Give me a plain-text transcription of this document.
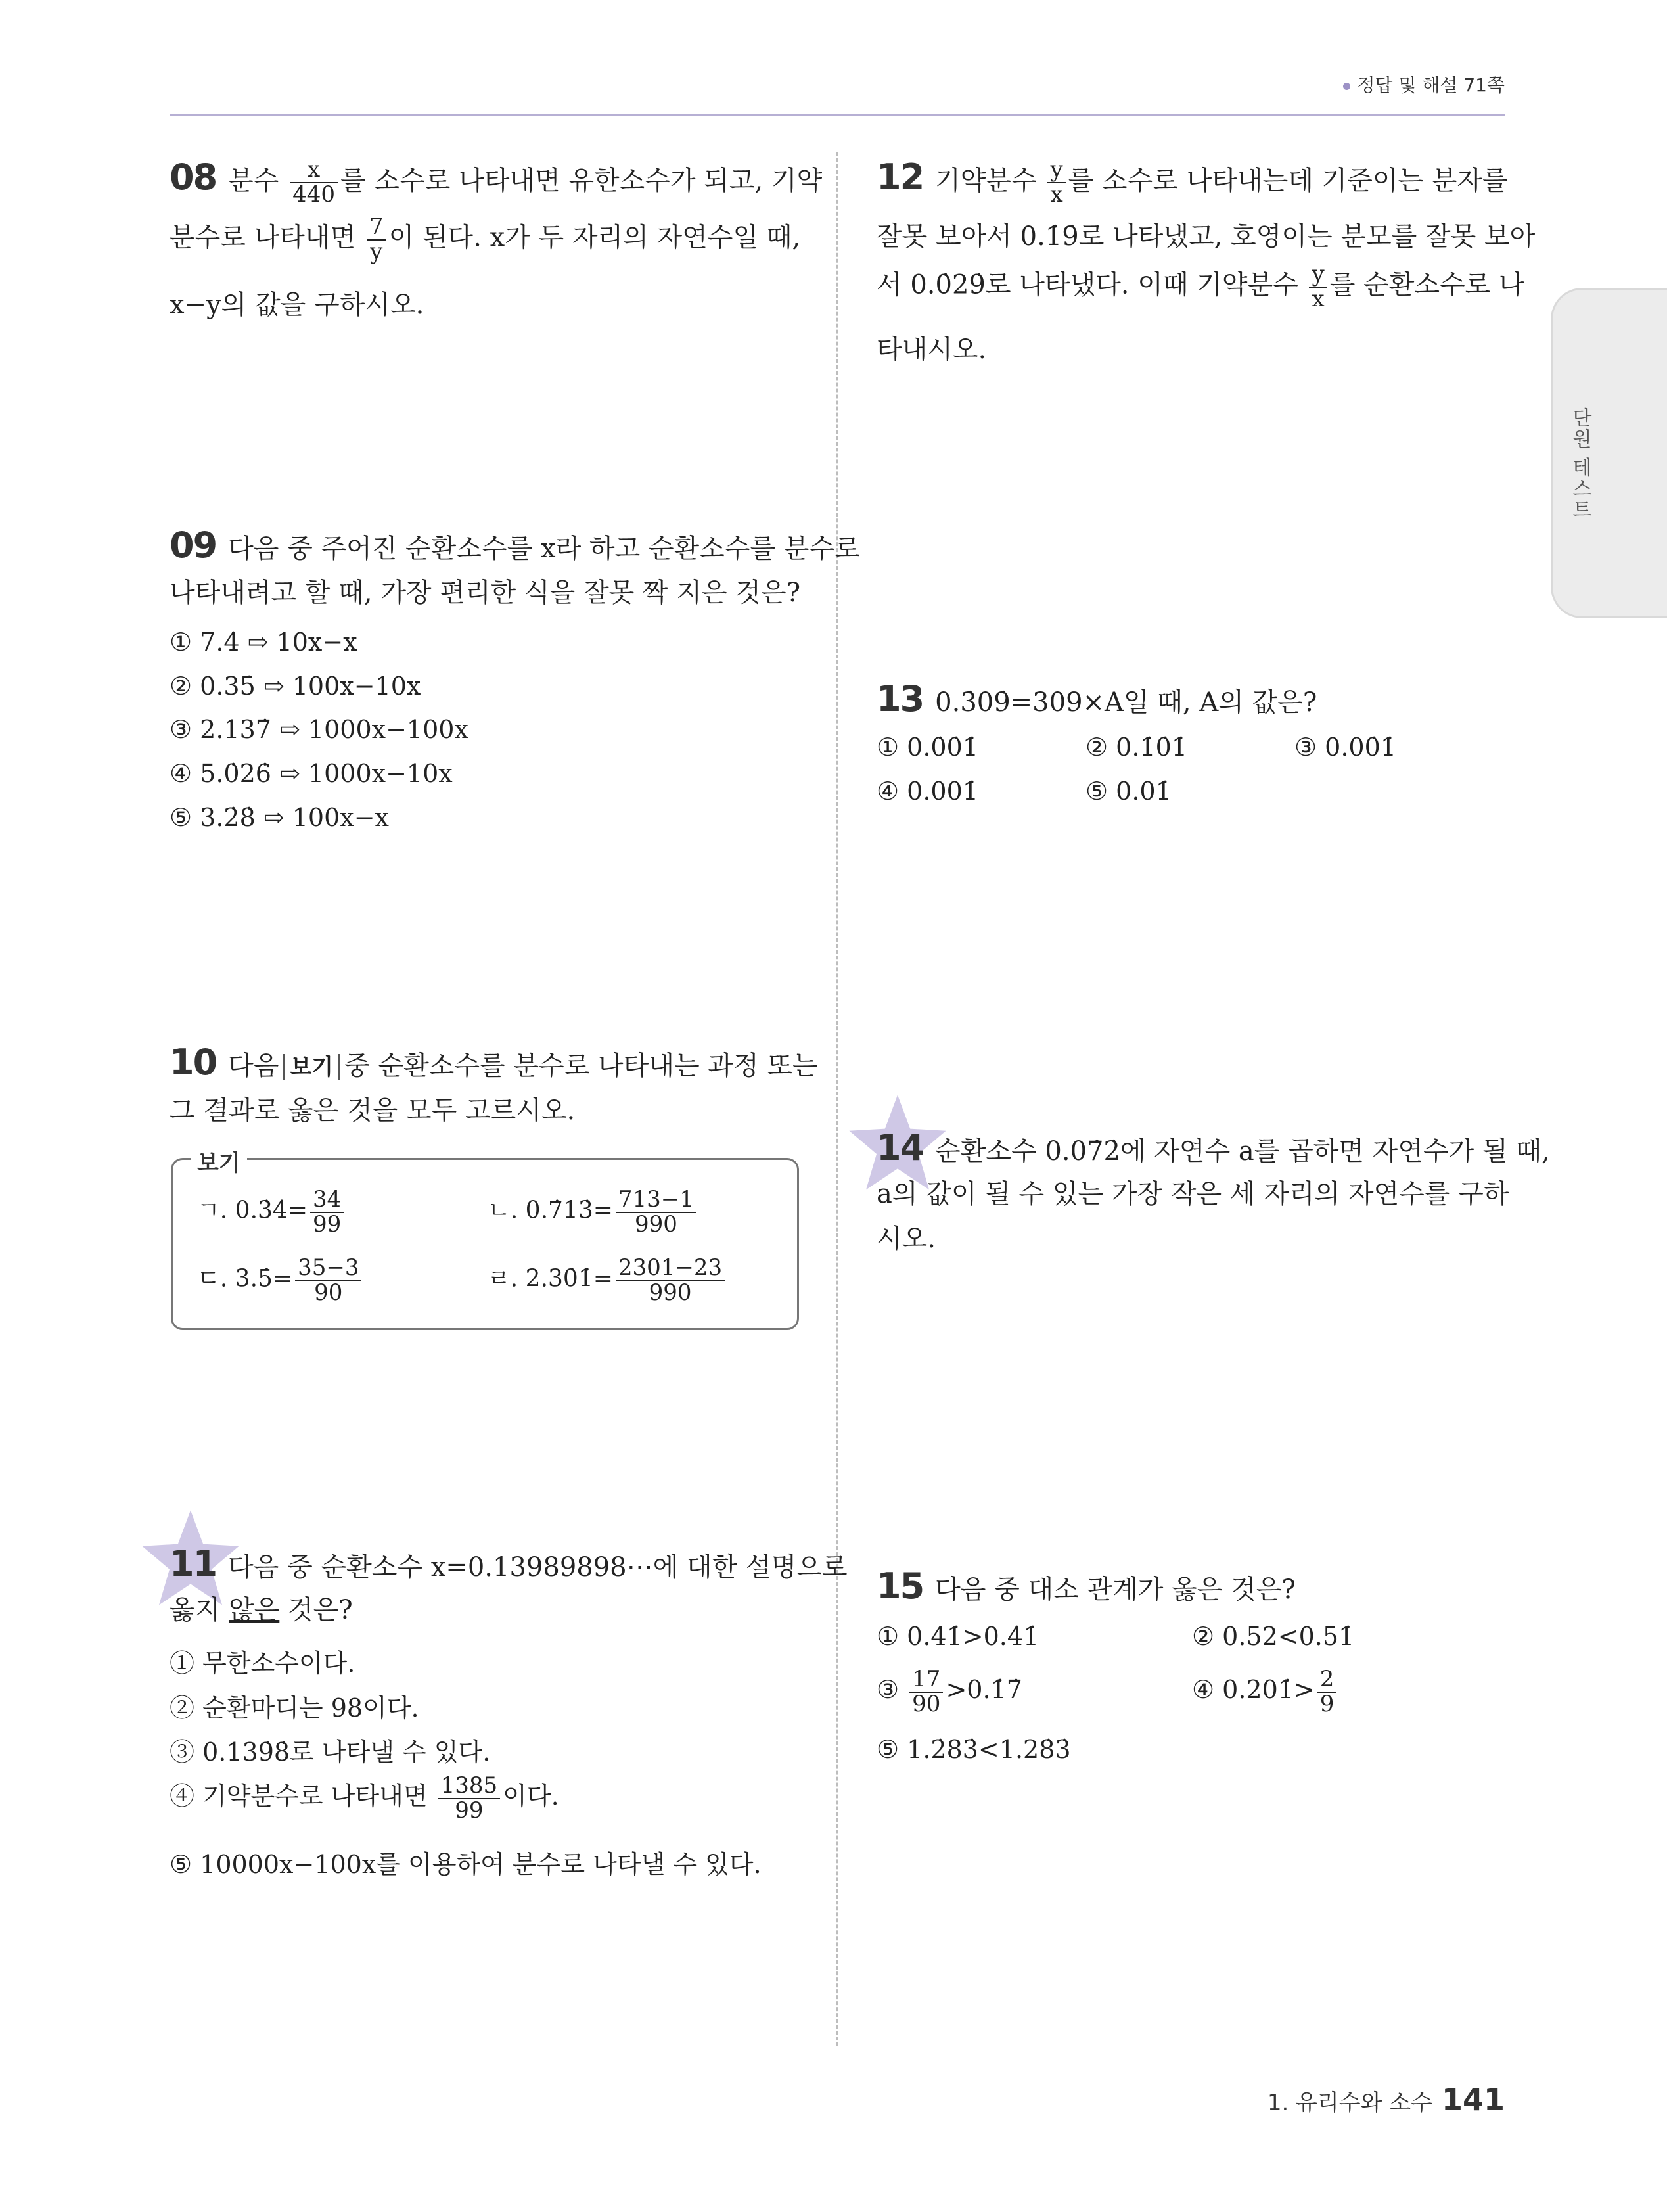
정답 및 해설 71쪽
단원 테스트
08 분수 $\frac{x}{440}$ 를 소수로 나타내면 유한소수가 되고, 기약
분수로 나타내면 $\frac{7}{y}$ 이 된다. x가 두 자리의 자연수일 때,
x−y의 값을 구하시오.
09 다음 중 주어진 순환소수를 x라 하고 순환소수를 분수로
나타내려고 할 때, 가장 편리한 식을 잘못 짝 지은 것은?
① 7.4̇ ⇨ 10x−x
② 0.35̇ ⇨ 100x−10x
③ 2.137̇ ⇨ 1000x−100x
④ 5.0̇26̇ ⇨ 1000x−10x
⑤ 3.2̇8̇ ⇨ 100x−x
10 다음 보기 중 순환소수를 분수로 나타내는 과정 또는
그 결과로 옳은 것을 모두 고르시오.
보기
ㄱ. 0.3̇4̇= $\frac{34}{99}$	ㄴ. 0.7̇13̇= $\frac{713-1}{990}$
ㄷ. 3.5̇= $\frac{35-3}{90}$	ㄹ. 2.30̇1̇= $\frac{2301-23}{990}$
11 다음 중 순환소수 x=0.13989898⋯에 대한 설명으로
옳지 않은 것은?
① 무한소수이다.
② 순환마디는 98이다.
③ 0.139̇8̇로 나타낼 수 있다.
④ 기약분수로 나타내면 $\frac{1385}{99}$ 이다.
⑤ 10000x−100x를 이용하여 분수로 나타낼 수 있다.
12 기약분수 $\frac{y}{x}$ 를 소수로 나타내는데 기준이는 분자를
잘못 보아서 0.1̇9̇로 나타냈고, 호영이는 분모를 잘못 보아
서 0.0̇29̇로 나타냈다. 이때 기약분수 $\frac{y}{x}$ 를 순환소수로 나
타내시오.
13 0.3̇09̇=309×A일 때, A의 값은?
① 0.0̇0̇1̇	② 0.1̇0̇1̇	③ 0.00̇1̇
④ 0.001̇	⑤ 0.01̇
14 순환소수 0.07̇2̇에 자연수 a를 곱하면 자연수가 될 때,
a의 값이 될 수 있는 가장 작은 세 자리의 자연수를 구하
시오.
15 다음 중 대소 관계가 옳은 것은?
① 0.41̇>0.4̇1̇	② 0.52<0.51̇
③ $\frac{17}{90}$ >0.1̇7̇	④ 0.201̇> $\frac{2}{9}$
⑤ 1.2̇83̇<1.28̇3̇
1. 유리수와 소수 141
